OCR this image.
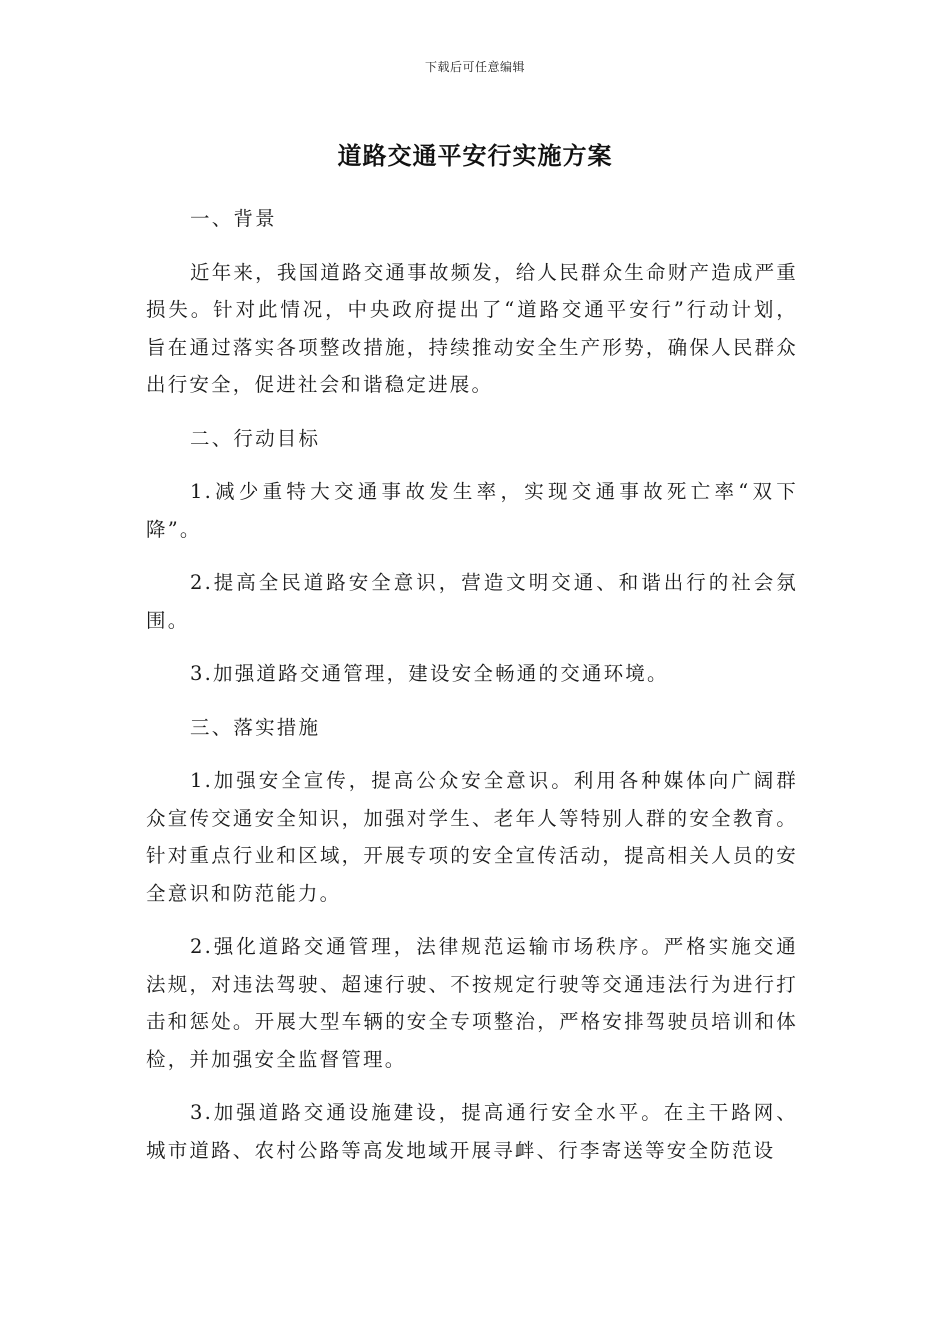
下载后可任意编辑
道路交通平安行实施方案
一、背景

近年来，我国道路交通事故频发，给人民群众生命财产造成严重损失。针对此情况，中央政府提出了“道路交通平安行”行动计划，旨在通过落实各项整改措施，持续推动安全生产形势，确保人民群众出行安全，促进社会和谐稳定进展。

二、行动目标

1.减少重特大交通事故发生率，实现交通事故死亡率“双下降”。

2.提高全民道路安全意识，营造文明交通、和谐出行的社会氛围。

3.加强道路交通管理，建设安全畅通的交通环境。

三、落实措施

1.加强安全宣传，提高公众安全意识。利用各种媒体向广阔群众宣传交通安全知识，加强对学生、老年人等特别人群的安全教育。针对重点行业和区域，开展专项的安全宣传活动，提高相关人员的安全意识和防范能力。

2.强化道路交通管理，法律规范运输市场秩序。严格实施交通法规，对违法驾驶、超速行驶、不按规定行驶等交通违法行为进行打击和惩处。开展大型车辆的安全专项整治，严格安排驾驶员培训和体检，并加强安全监督管理。

3.加强道路交通设施建设，提高通行安全水平。在主干路网、城市道路、农村公路等高发地域开展寻衅、行李寄送等安全防范设
